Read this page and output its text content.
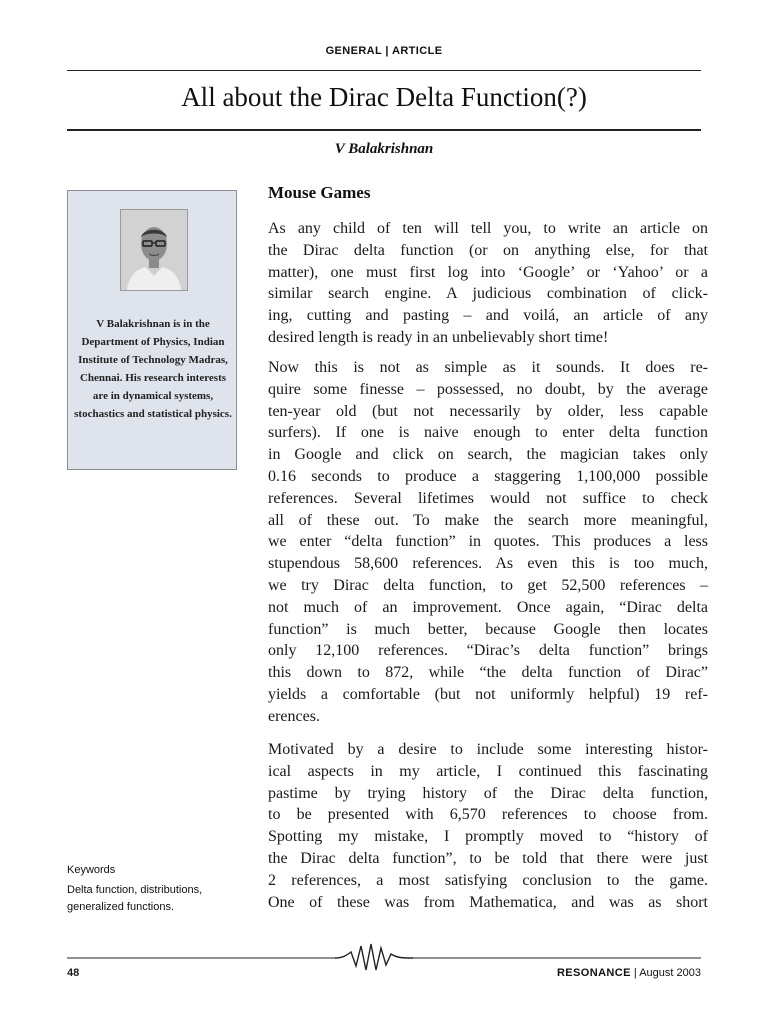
GENERAL | ARTICLE
All about the Dirac Delta Function(?)
V Balakrishnan
V Balakrishnan is in the Department of Physics, Indian Institute of Technology Madras, Chennai. His research interests are in dynamical systems, stochastics and statistical physics.
Keywords
Delta function, distributions, generalized functions.
Mouse Games
As any child of ten will tell you, to write an article on
the Dirac delta function (or on anything else, for that
matter), one must first log into ‘Google’ or ‘Yahoo’ or a
similar search engine. A judicious combination of click-
ing, cutting and pasting – and voilá, an article of any
desired length is ready in an unbelievably short time!
Now this is not as simple as it sounds. It does re-
quire some finesse – possessed, no doubt, by the average
ten-year old (but not necessarily by older, less capable
surfers). If one is naive enough to enter delta function
in Google and click on search, the magician takes only
0.16 seconds to produce a staggering 1,100,000 possible
references. Several lifetimes would not suffice to check
all of these out. To make the search more meaningful,
we enter “delta function” in quotes. This produces a less
stupendous 58,600 references. As even this is too much,
we try Dirac delta function, to get 52,500 references –
not much of an improvement. Once again, “Dirac delta
function” is much better, because Google then locates
only 12,100 references. “Dirac’s delta function” brings
this down to 872, while “the delta function of Dirac”
yields a comfortable (but not uniformly helpful) 19 ref-
erences.
Motivated by a desire to include some interesting histor-
ical aspects in my article, I continued this fascinating
pastime by trying history of the Dirac delta function,
to be presented with 6,570 references to choose from.
Spotting my mistake, I promptly moved to “history of
the Dirac delta function”, to be told that there were just
2 references, a most satisfying conclusion to the game.
One of these was from Mathematica, and was as short
48	RESONANCE | August 2003
